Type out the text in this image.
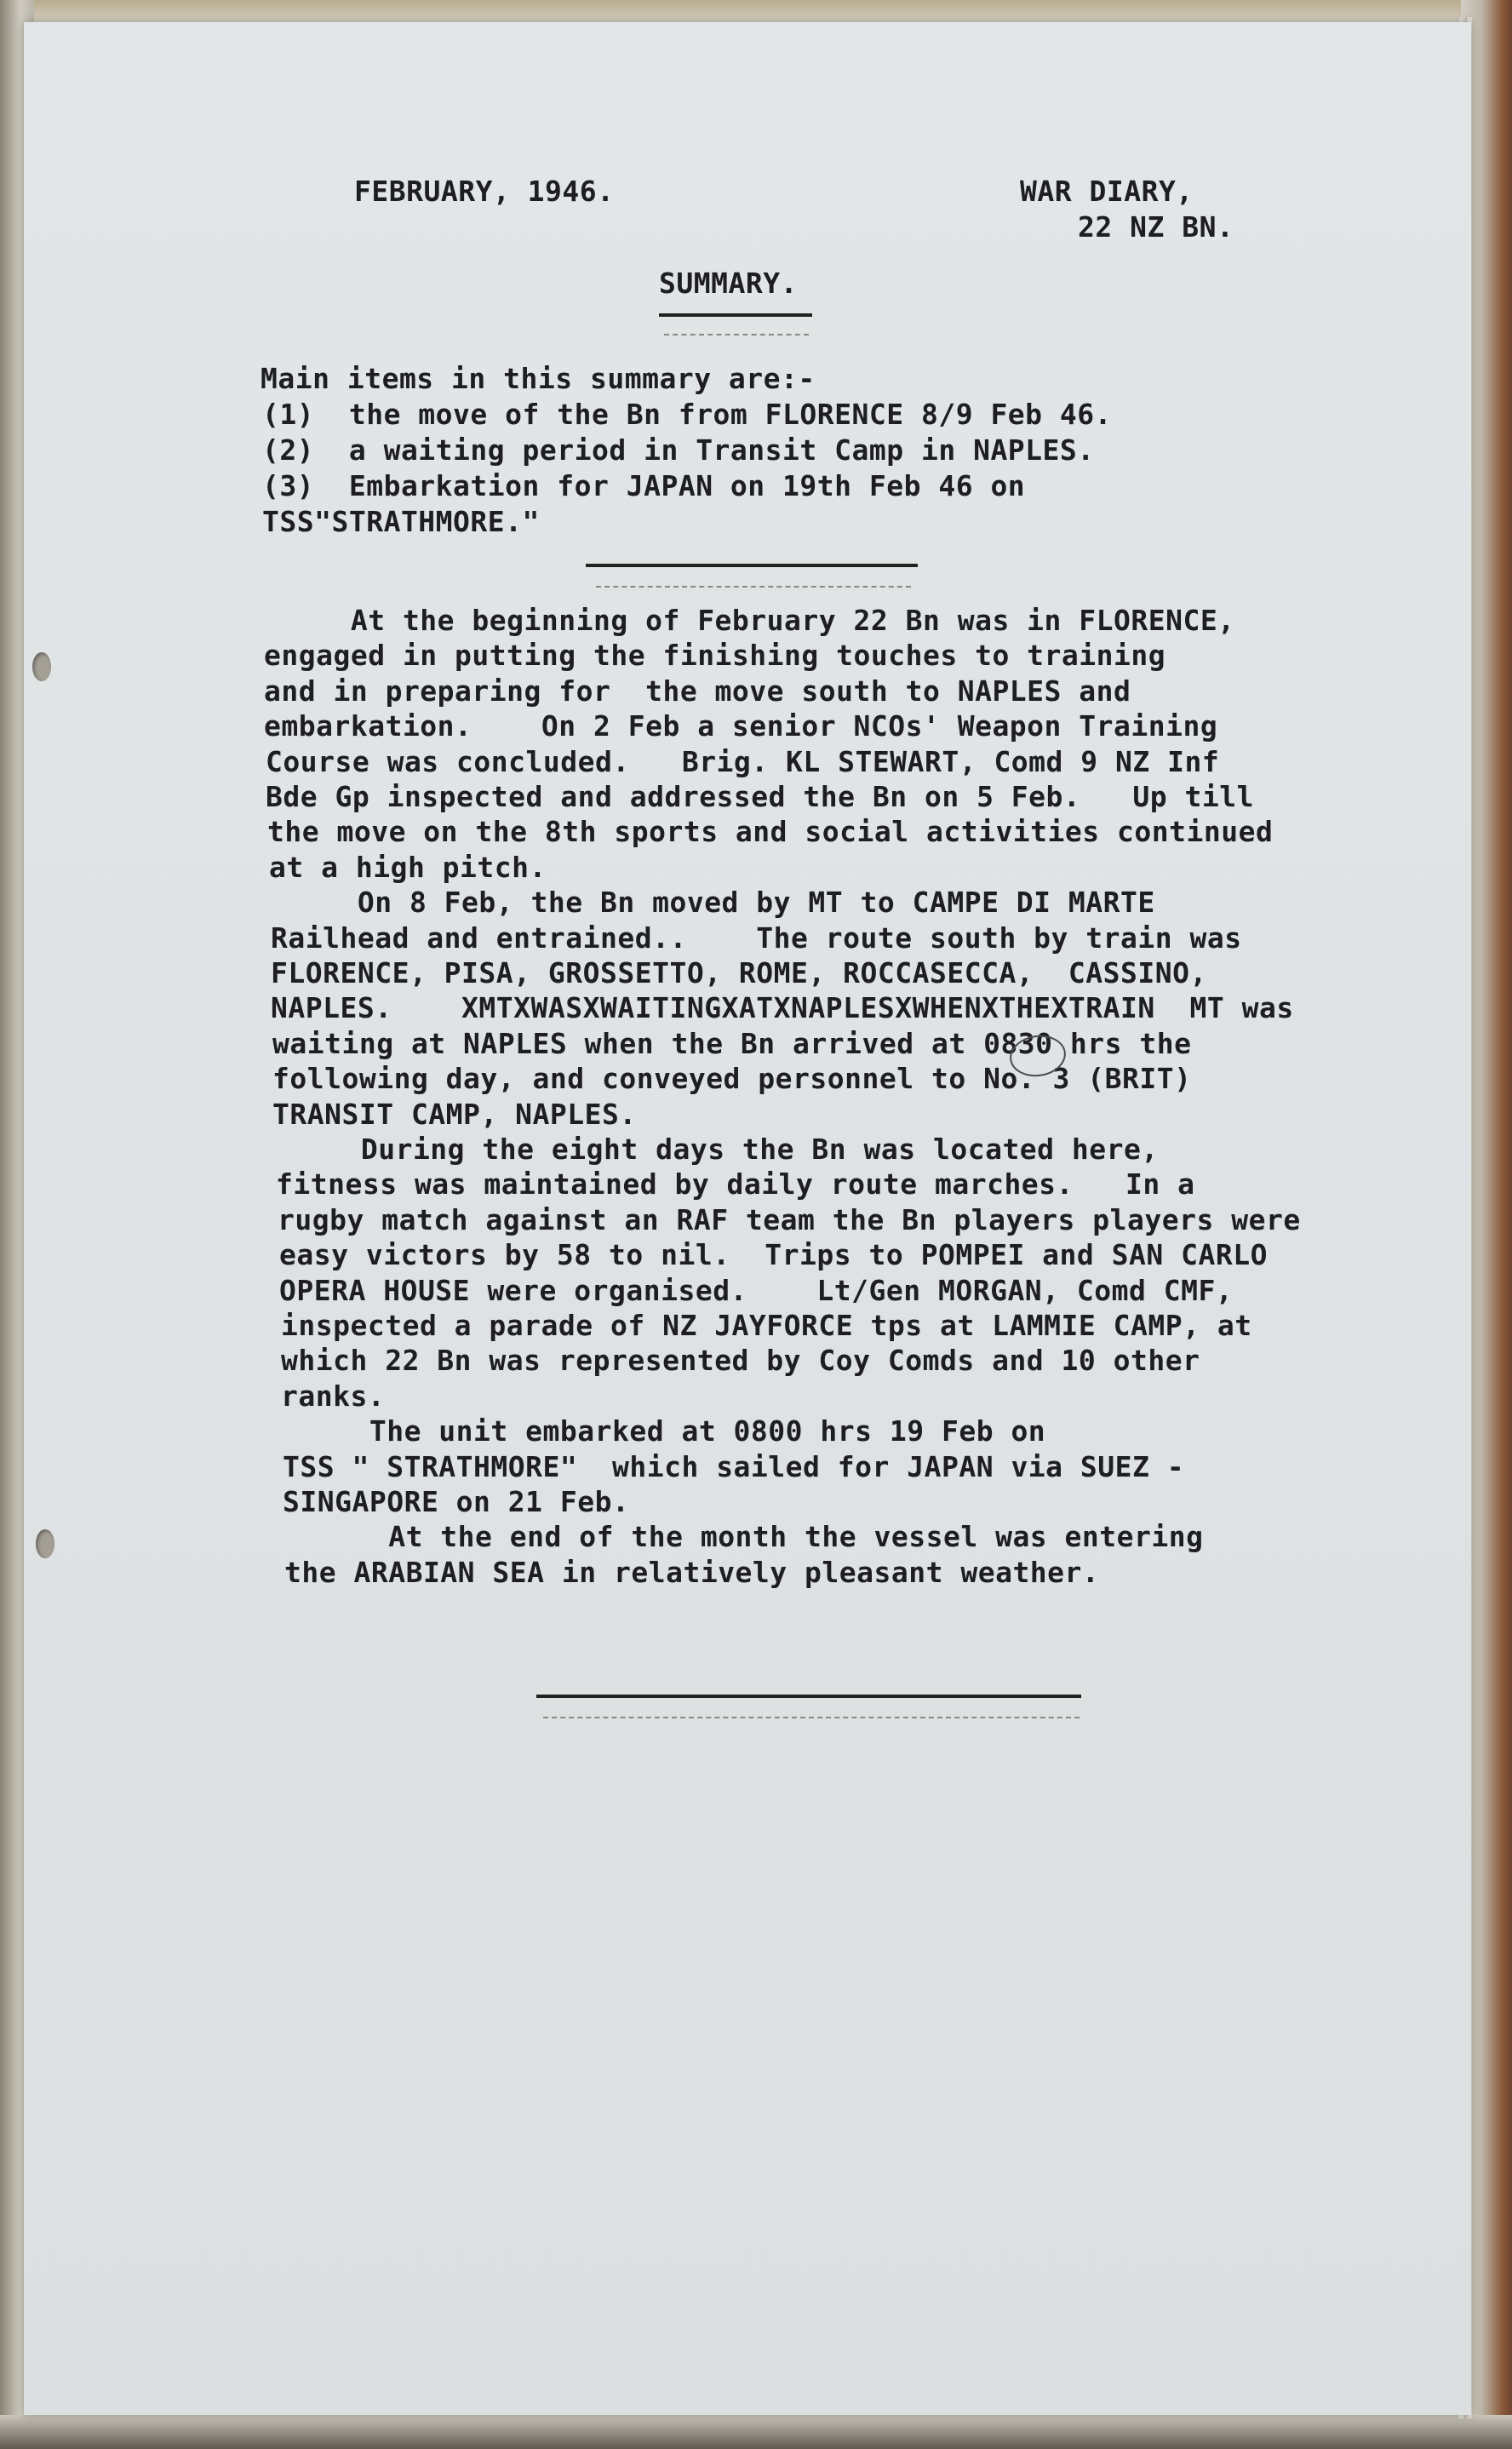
FEBRUARY, 1946.	WAR DIARY,
22 NZ BN.
SUMMARY.
Main items in this summary are:-
(1)  the move of the Bn from FLORENCE 8/9 Feb 46.
(2)  a waiting period in Transit Camp in NAPLES.
(3)  Embarkation for JAPAN on 19th Feb 46 on
TSS"STRATHMORE."
At the beginning of February 22 Bn was in FLORENCE,
engaged in putting the finishing touches to training
and in preparing for  the move south to NAPLES and
embarkation.    On 2 Feb a senior NCOs' Weapon Training
Course was concluded.   Brig. KL STEWART, Comd 9 NZ Inf
Bde Gp inspected and addressed the Bn on 5 Feb.   Up till
the move on the 8th sports and social activities continued
at a high pitch.
On 8 Feb, the Bn moved by MT to CAMPE DI MARTE
Railhead and entrained..    The route south by train was
FLORENCE, PISA, GROSSETTO, ROME, ROCCASECCA,  CASSINO,
NAPLES.    XMTXWASXWAITINGXATXNAPLESXWHENXTHEXTRAIN  MT was
waiting at NAPLES when the Bn arrived at 0830 hrs the
following day, and conveyed personnel to No. 3 (BRIT)
TRANSIT CAMP, NAPLES.
During the eight days the Bn was located here,
fitness was maintained by daily route marches.   In a
rugby match against an RAF team the Bn players players were
easy victors by 58 to nil.  Trips to POMPEI and SAN CARLO
OPERA HOUSE were organised.    Lt/Gen MORGAN, Comd CMF,
inspected a parade of NZ JAYFORCE tps at LAMMIE CAMP, at
which 22 Bn was represented by Coy Comds and 10 other
ranks.
The unit embarked at 0800 hrs 19 Feb on
TSS " STRATHMORE"  which sailed for JAPAN via SUEZ -
SINGAPORE on 21 Feb.
At the end of the month the vessel was entering
the ARABIAN SEA in relatively pleasant weather.
